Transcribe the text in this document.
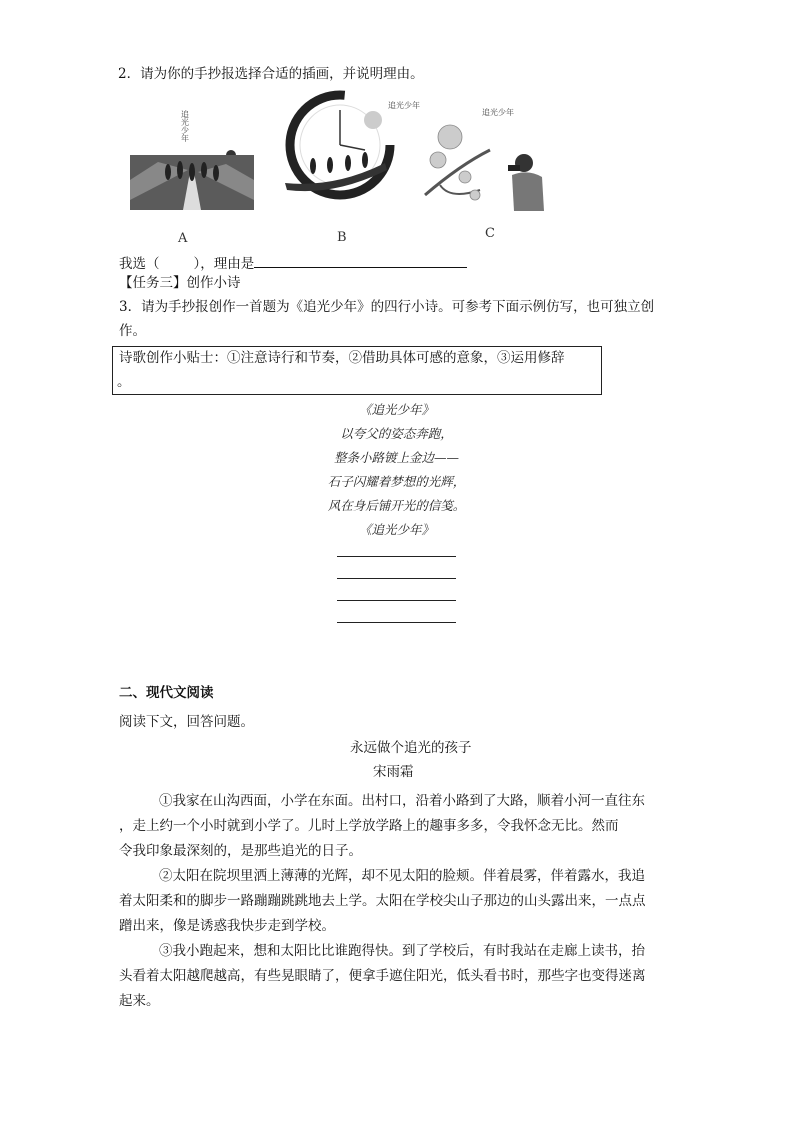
2．请为你的手抄报选择合适的插画，并说明理由。
追光少年
A
追光少年
B
追光少年
C
我选（	），理由是
【任务三】创作小诗
3．请为手抄报创作一首题为《追光少年》的四行小诗。可参考下面示例仿写，也可独立创
作。
诗歌创作小贴士：①注意诗行和节奏，②借助具体可感的意象，③运用修辞
。
《追光少年》
以夸父的姿态奔跑，
整条小路镀上金边——
石子闪耀着梦想的光辉，
风在身后铺开光的信笺。
《追光少年》
二、现代文阅读
阅读下文，回答问题。
永远做个追光的孩子
宋雨霜
①我家在山沟西面，小学在东面。出村口，沿着小路到了大路，顺着小河一直往东
，走上约一个小时就到小学了。儿时上学放学路上的趣事多多，令我怀念无比。然而
令我印象最深刻的，是那些追光的日子。
②太阳在院坝里洒上薄薄的光辉，却不见太阳的脸颊。伴着晨雾，伴着露水，我追
着太阳柔和的脚步一路蹦蹦跳跳地去上学。太阳在学校尖山子那边的山头露出来，一点点
蹭出来，像是诱惑我快步走到学校。
③我小跑起来，想和太阳比比谁跑得快。到了学校后，有时我站在走廊上读书，抬
头看着太阳越爬越高，有些晃眼睛了，便拿手遮住阳光，低头看书时，那些字也变得迷离
起来。
